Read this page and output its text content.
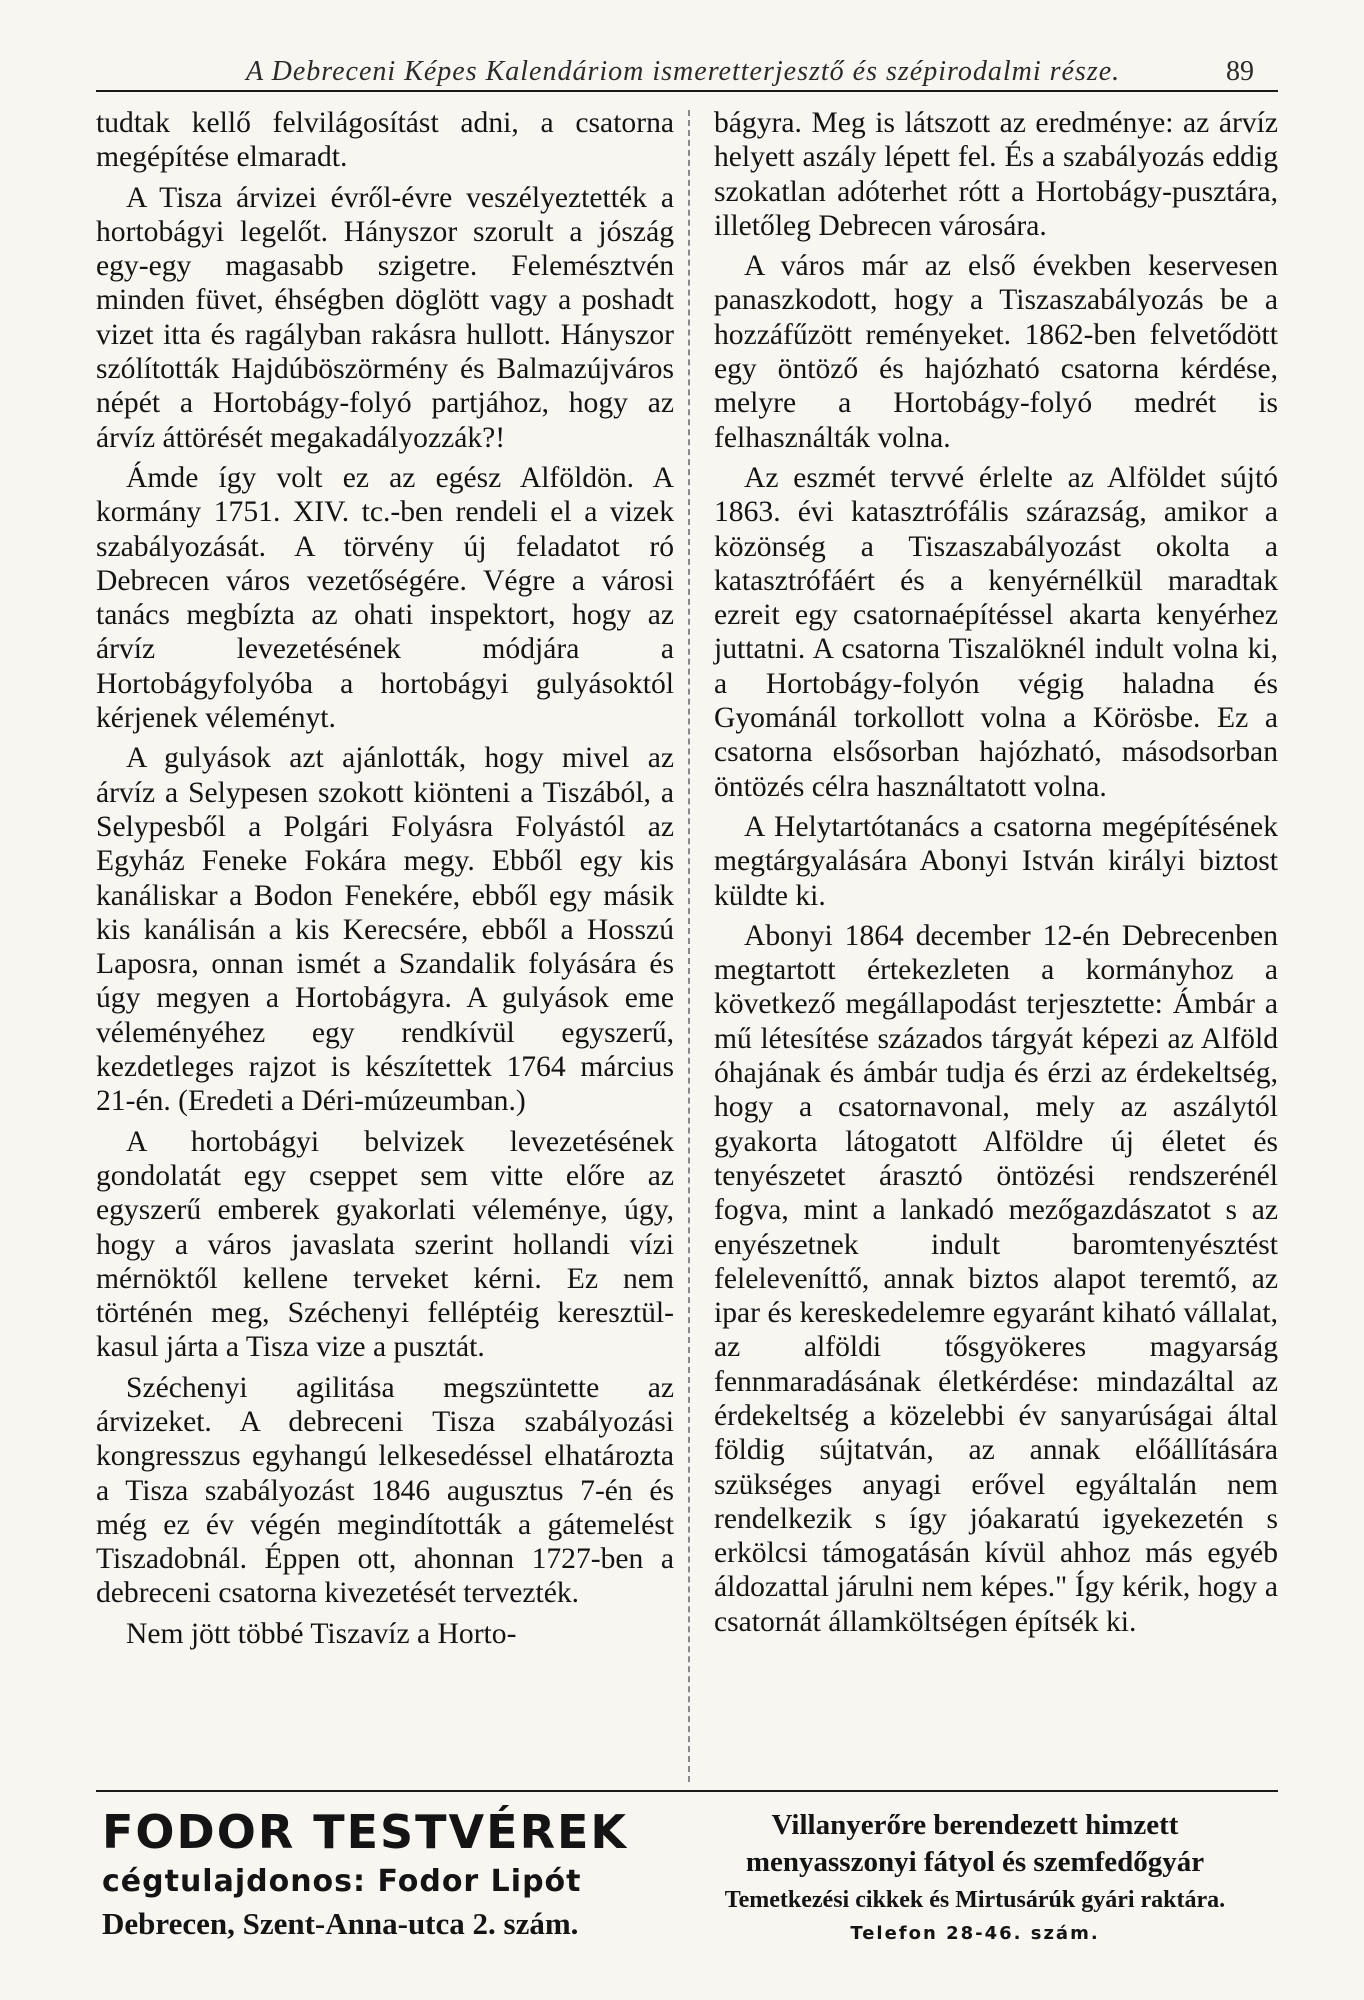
A Debreceni Képes Kalendáriom ismeretterjesztő és szépirodalmi része.	89

tudtak kellő felvilágosítást adni, a csatorna megépítése elmaradt.

A Tisza árvizei évről-évre veszélyeztették a hortobágyi legelőt. Hányszor szorult a jószág egy-egy magasabb szigetre. Felemésztvén minden füvet, éhségben döglött vagy a poshadt vizet itta és ragályban rakásra hullott. Hányszor szólították Hajdúböszörmény és Balmazújváros népét a Hortobágy-folyó partjához, hogy az árvíz áttörését megakadályozzák?!

Ámde így volt ez az egész Alföldön. A kormány 1751. XIV. tc.-ben rendeli el a vizek szabályozását. A törvény új feladatot ró Debrecen város vezetőségére. Végre a városi tanács megbízta az ohati inspektort, hogy az árvíz levezetésének módjára a Hortobágyfolyóba a hortobágyi gulyásoktól kérjenek véleményt.

A gulyások azt ajánlották, hogy mivel az árvíz a Selypesen szokott kiönteni a Tiszából, a Selypesből a Polgári Folyásra Folyástól az Egyház Feneke Fokára megy. Ebből egy kis kanáliskar a Bodon Fenekére, ebből egy másik kis kanálisán a kis Kerecsére, ebből a Hosszú Laposra, onnan ismét a Szandalik folyására és úgy megyen a Hortobágyra. A gulyások eme véleményéhez egy rendkívül egyszerű, kezdetleges rajzot is készítettek 1764 március 21-én. (Eredeti a Déri-múzeumban.)

A hortobágyi belvizek levezetésének gondolatát egy cseppet sem vitte előre az egyszerű emberek gyakorlati véleménye, úgy, hogy a város javaslata szerint hollandi vízi mérnöktől kellene terveket kérni. Ez nem történén meg, Széchenyi felléptéig keresztül-kasul járta a Tisza vize a pusztát.

Széchenyi agilitása megszüntette az árvizeket. A debreceni Tisza szabályozási kongresszus egyhangú lelkesedéssel elhatározta a Tisza szabályozást 1846 augusztus 7-én és még ez év végén megindították a gátemelést Tiszadobnál. Éppen ott, ahonnan 1727-ben a debreceni csatorna kivezetését tervezték.

Nem jött többé Tiszavíz a Horto-

bágyra. Meg is látszott az eredménye: az árvíz helyett aszály lépett fel. És a szabályozás eddig szokatlan adóterhet rótt a Hortobágy-pusztára, illetőleg Debrecen városára.

A város már az első években keservesen panaszkodott, hogy a Tiszaszabályozás be a hozzáfűzött reményeket. 1862-ben felvetődött egy öntöző és hajózható csatorna kérdése, melyre a Hortobágy-folyó medrét is felhasználták volna.

Az eszmét tervvé érlelte az Alföldet sújtó 1863. évi katasztrófális szárazság, amikor a közönség a Tiszaszabályozást okolta a katasztrófáért és a kenyérnélkül maradtak ezreit egy csatornaépítéssel akarta kenyérhez juttatni. A csatorna Tiszalöknél indult volna ki, a Hortobágy-folyón végig haladna és Gyománál torkollott volna a Körösbe. Ez a csatorna elsősorban hajózható, másodsorban öntözés célra használtatott volna.

A Helytartótanács a csatorna megépítésének megtárgyalására Abonyi István királyi biztost küldte ki.

Abonyi 1864 december 12-én Debrecenben megtartott értekezleten a kormányhoz a következő megállapodást terjesztette: Ámbár a mű létesítése százados tárgyát képezi az Alföld óhajának és ámbár tudja és érzi az érdekeltség, hogy a csatornavonal, mely az aszálytól gyakorta látogatott Alföldre új életet és tenyészetet árasztó öntözési rendszerénél fogva, mint a lankadó mezőgazdászatot s az enyészetnek indult baromtenyésztést feleleveníttő, annak biztos alapot teremtő, az ipar és kereskedelemre egyaránt kiható vállalat, az alföldi tősgyökeres magyarság fennmaradásának életkérdése: mindazáltal az érdekeltség a közelebbi év sanyarúságai által földig sújtatván, az annak előállítására szükséges anyagi erővel egyáltalán nem rendelkezik s így jóakaratú igyekezetén s erkölcsi támogatásán kívül ahhoz más egyéb áldozattal járulni nem képes." Így kérik, hogy a csatornát államköltségen építsék ki.

FODOR TESTVÉREK
cégtulajdonos: Fodor Lipót
Debrecen, Szent-Anna-utca 2. szám.
Villanyerőre berendezett himzett
menyasszonyi fátyol és szemfedőgyár
Temetkezési cikkek és Mirtusárúk gyári raktára.
Telefon 28-46. szám.
